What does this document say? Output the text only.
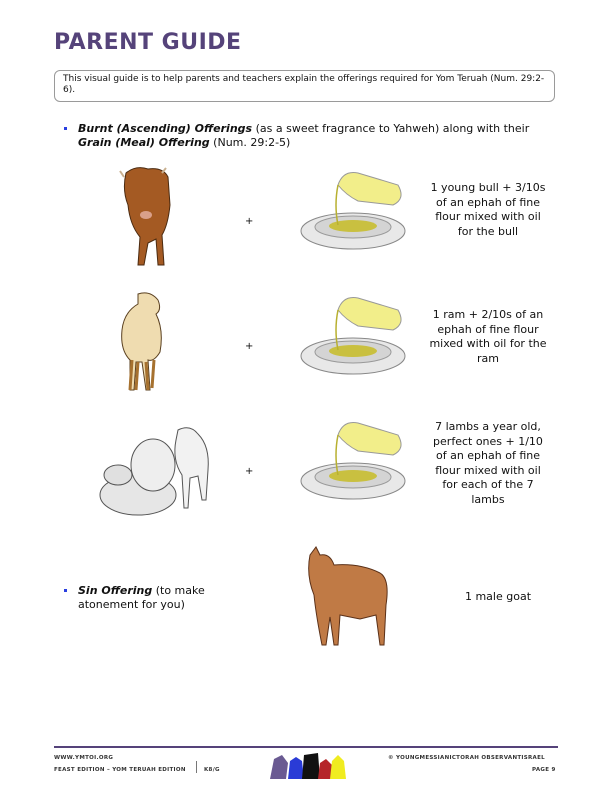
PARENT GUIDE
This visual guide is to help parents and teachers explain the offerings required for Yom Teruah (Num. 29:2-6).
Burnt (Ascending) Offerings (as a sweet fragrance to Yahweh) along with their
Grain (Meal) Offering (Num. 29:2-5)
+
1 young bull + 3/10s of an ephah of fine flour mixed with oil for the bull
+
1 ram + 2/10s of an ephah of fine flour mixed with oil for the ram
+
7 lambs a year old, perfect ones + 1/10 of an ephah of fine flour mixed with oil for each of the 7 lambs
Sin Offering (to make atonement for you)
1 male goat
WWW.YMTOI.ORG
FEAST EDITION – YOM TERUAH EDITION	K8/G
© YOUNGMESSIANICTORAH OBSERVANTISRAEL
PAGE 9
